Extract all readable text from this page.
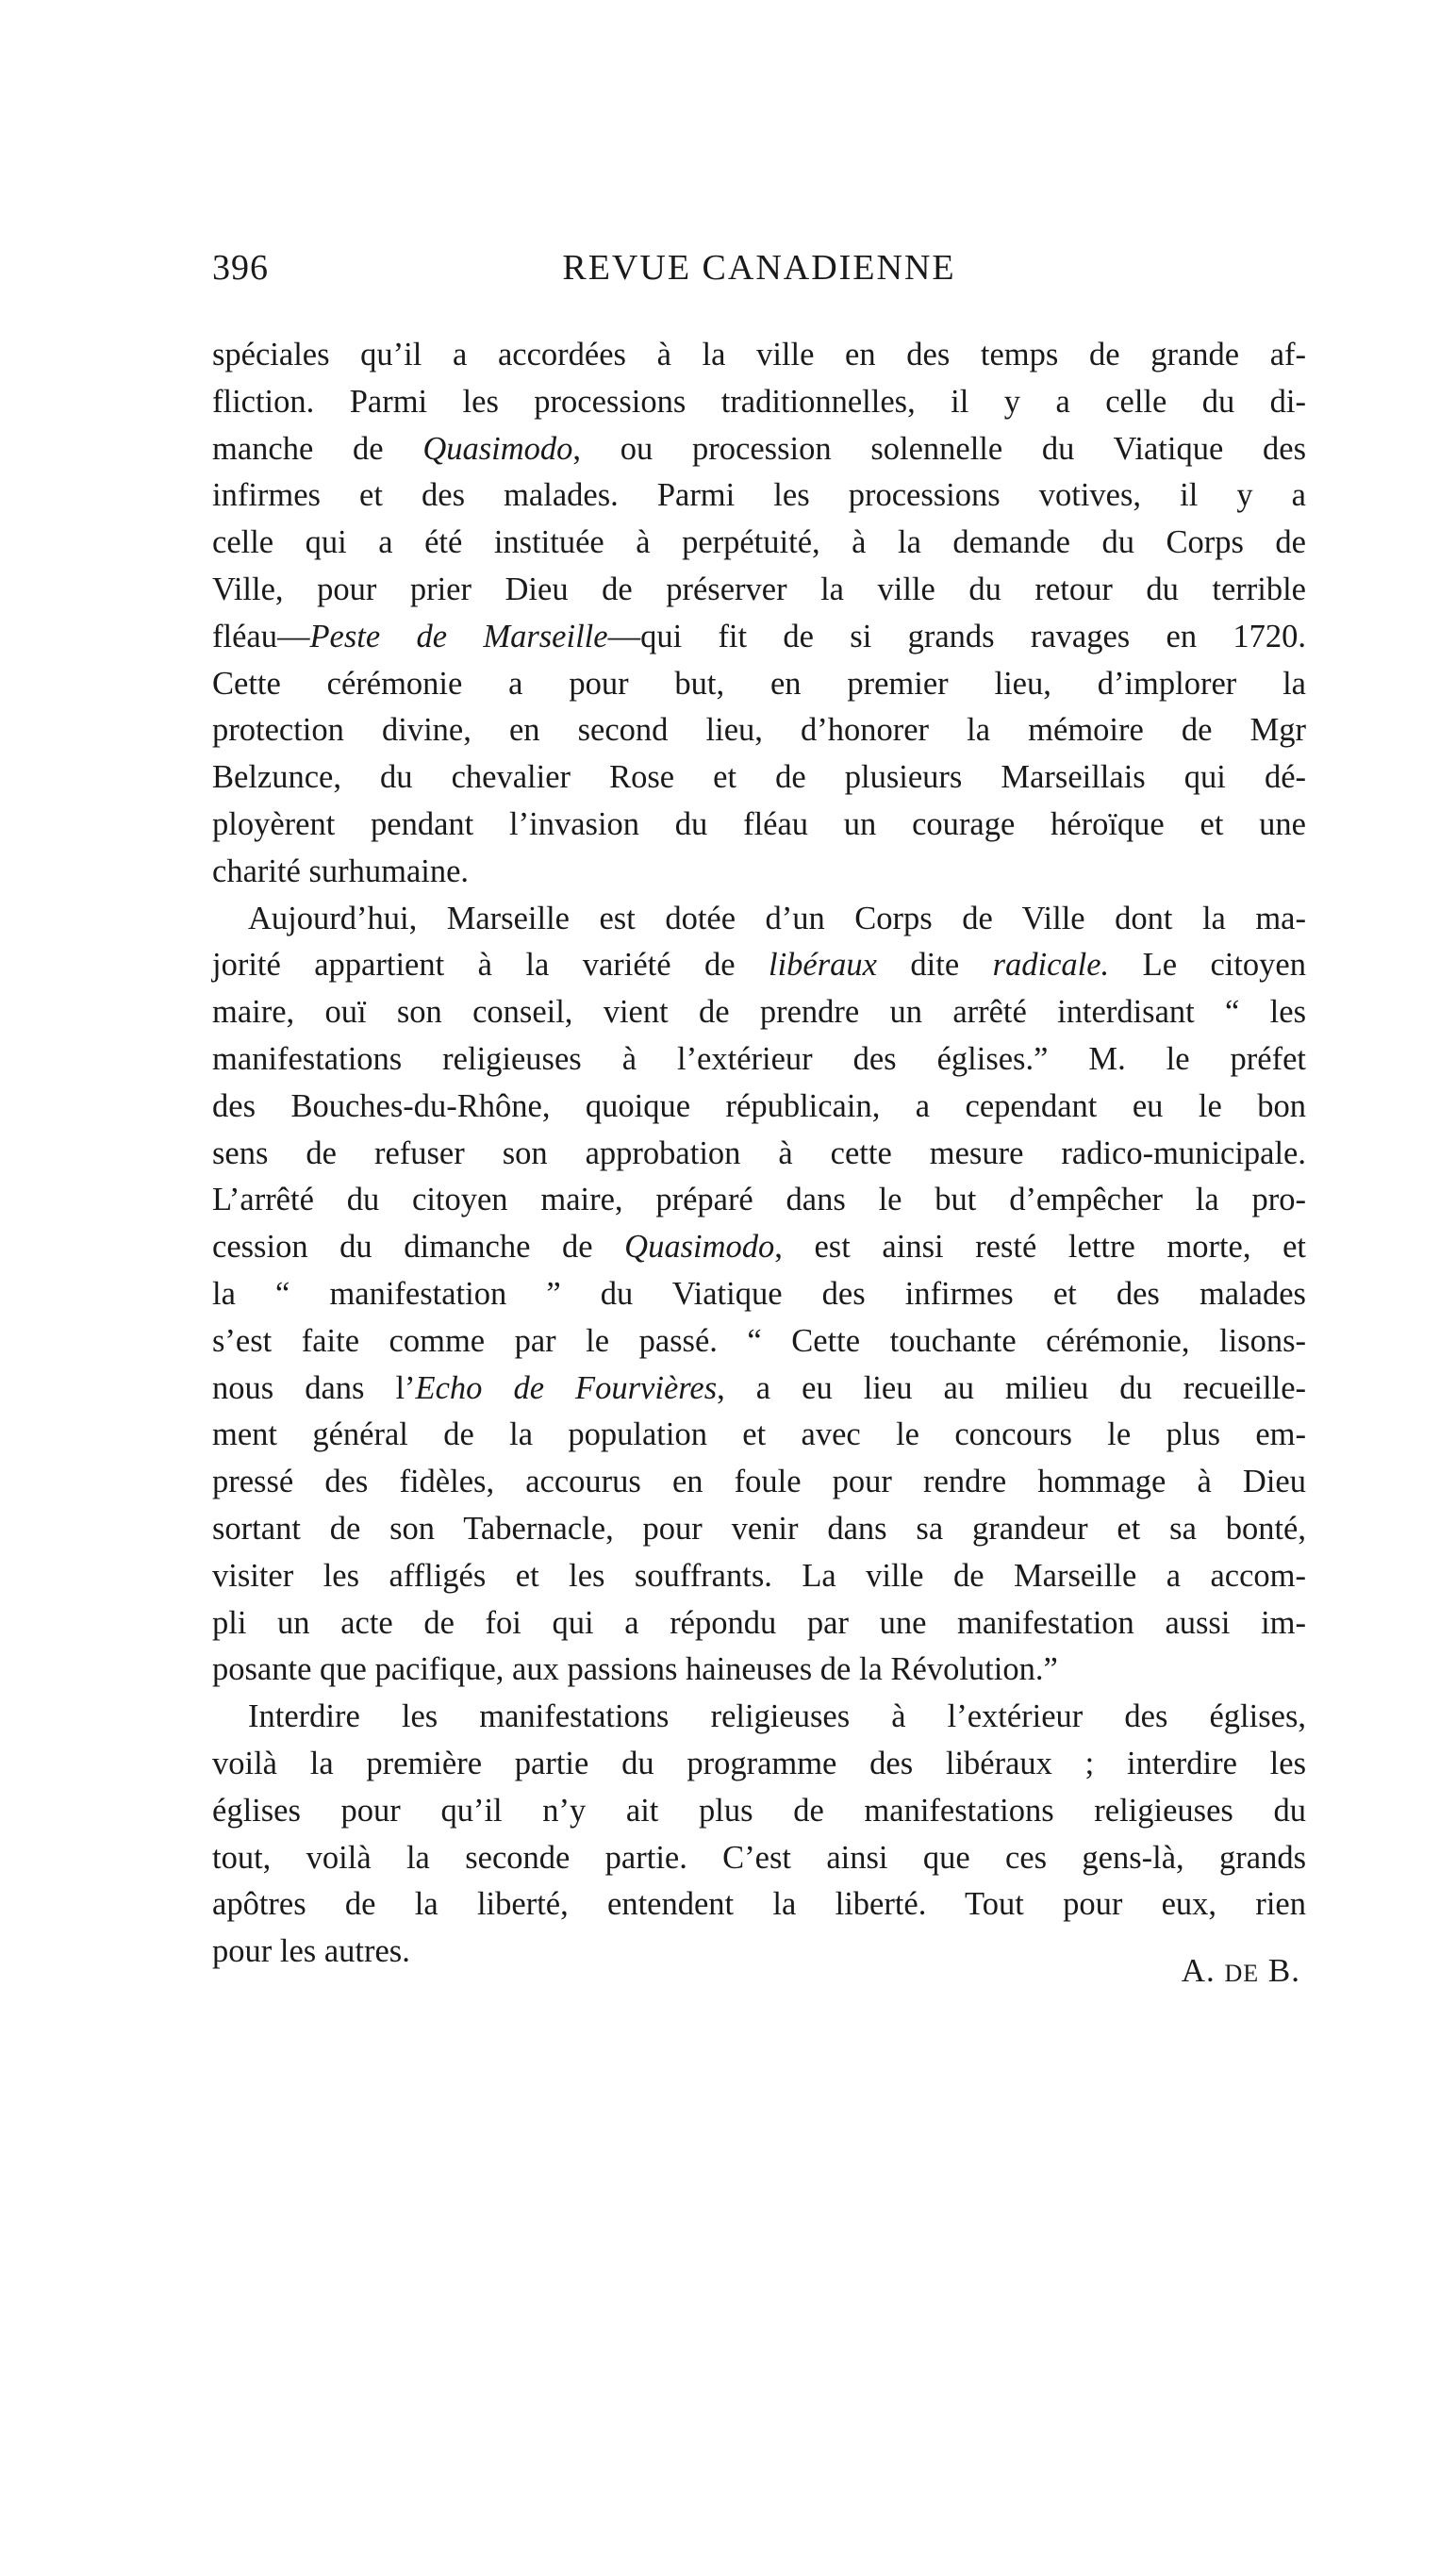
396	REVUE CANADIENNE

spéciales qu’il a accordées à la ville en des temps de grande af-
fliction. Parmi les processions traditionnelles, il y a celle du di-
manche de Quasimodo, ou procession solennelle du Viatique des
infirmes et des malades. Parmi les processions votives, il y a
celle qui a été instituée à perpétuité, à la demande du Corps de
Ville, pour prier Dieu de préserver la ville du retour du terrible
fléau—Peste de Marseille—qui fit de si grands ravages en 1720.
Cette cérémonie a pour but, en premier lieu, d’implorer la
protection divine, en second lieu, d’honorer la mémoire de Mgr
Belzunce, du chevalier Rose et de plusieurs Marseillais qui dé-
ployèrent pendant l’invasion du fléau un courage héroïque et une
charité surhumaine.

Aujourd’hui, Marseille est dotée d’un Corps de Ville dont la ma-
jorité appartient à la variété de libéraux dite radicale. Le citoyen
maire, ouï son conseil, vient de prendre un arrêté interdisant “ les
manifestations religieuses à l’extérieur des églises.” M. le préfet
des Bouches-du-Rhône, quoique républicain, a cependant eu le bon
sens de refuser son approbation à cette mesure radico-municipale.
L’arrêté du citoyen maire, préparé dans le but d’empêcher la pro-
cession du dimanche de Quasimodo, est ainsi resté lettre morte, et
la “ manifestation ” du Viatique des infirmes et des malades
s’est faite comme par le passé. “ Cette touchante cérémonie, lisons-
nous dans l’Echo de Fourvières, a eu lieu au milieu du recueille-
ment général de la population et avec le concours le plus em-
pressé des fidèles, accourus en foule pour rendre hommage à Dieu
sortant de son Tabernacle, pour venir dans sa grandeur et sa bonté,
visiter les affligés et les souffrants. La ville de Marseille a accom-
pli un acte de foi qui a répondu par une manifestation aussi im-
posante que pacifique, aux passions haineuses de la Révolution.”

Interdire les manifestations religieuses à l’extérieur des églises,
voilà la première partie du programme des libéraux ; interdire les
églises pour qu’il n’y ait plus de manifestations religieuses du
tout, voilà la seconde partie. C’est ainsi que ces gens-là, grands
apôtres de la liberté, entendent la liberté. Tout pour eux, rien
pour les autres.

A. DE B.
